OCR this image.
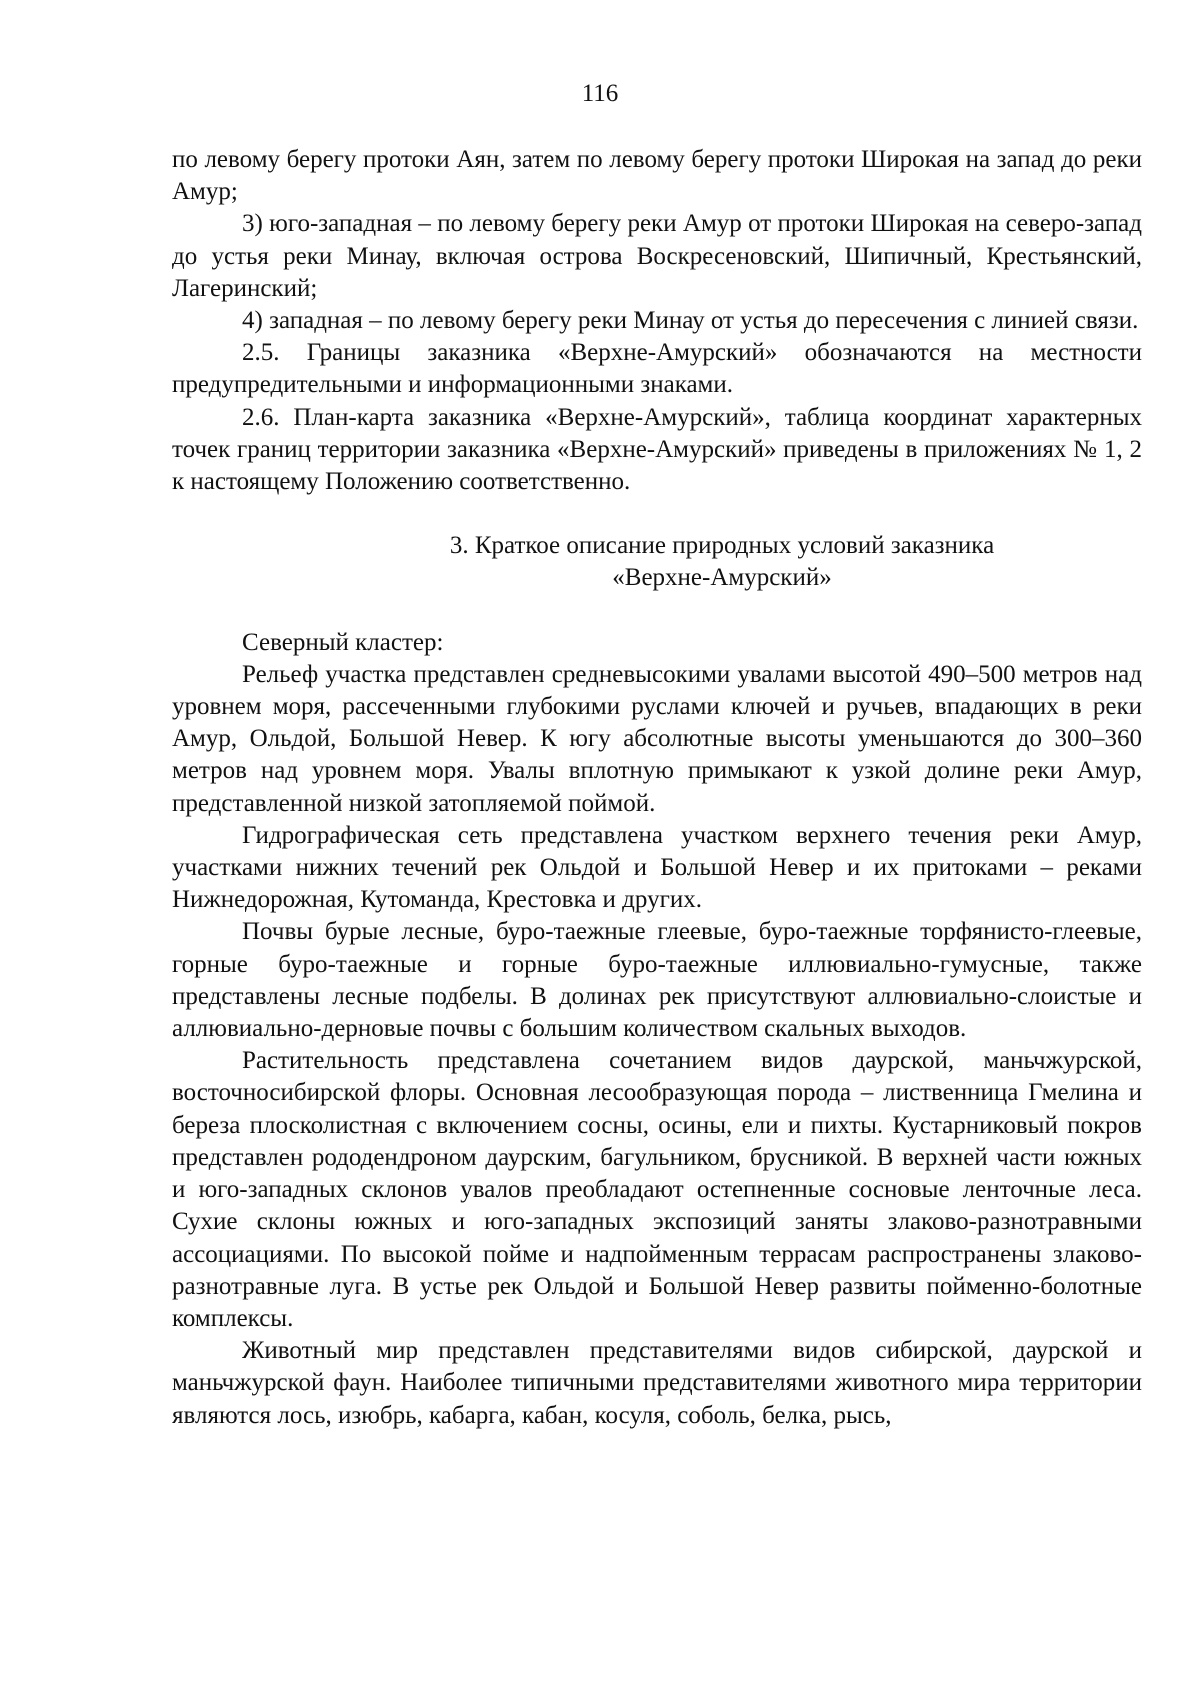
116

по левому берегу протоки Аян, затем по левому берегу протоки Широкая на запад до реки Амур;

3) юго-западная – по левому берегу реки Амур от протоки Широкая на северо-запад до устья реки Минау, включая острова Воскресеновский, Шипичный, Крестьянский, Лагеринский;

4) западная – по левому берегу реки Минау от устья до пересечения с линией связи.

2.5. Границы заказника «Верхне-Амурский» обозначаются на местности предупредительными и информационными знаками.

2.6. План-карта заказника «Верхне-Амурский», таблица координат характерных точек границ территории заказника «Верхне-Амурский» приведены в приложениях № 1, 2 к настоящему Положению соответственно.

3. Краткое описание природных условий заказника
«Верхне-Амурский»

Северный кластер:

Рельеф участка представлен средневысокими увалами высотой 490–500 метров над уровнем моря, рассеченными глубокими руслами ключей и ручьев, впадающих в реки Амур, Ольдой, Большой Невер. К югу абсолютные высоты уменьшаются до 300–360 метров над уровнем моря. Увалы вплотную примыкают к узкой долине реки Амур, представленной низкой затопляемой поймой.

Гидрографическая сеть представлена участком верхнего течения реки Амур, участками нижних течений рек Ольдой и Большой Невер и их притоками – реками Нижнедорожная, Кутоманда, Крестовка и других.

Почвы бурые лесные, буро-таежные глеевые, буро-таежные торфянисто-глеевые, горные буро-таежные и горные буро-таежные иллювиально-гумусные, также представлены лесные подбелы. В долинах рек присутствуют аллювиально-слоистые и аллювиально-дерновые почвы с большим количеством скальных выходов.

Растительность представлена сочетанием видов даурской, маньчжурской, восточносибирской флоры. Основная лесообразующая порода – лиственница Гмелина и береза плосколистная с включением сосны, осины, ели и пихты. Кустарниковый покров представлен рододендроном даурским, багульником, брусникой. В верхней части южных и юго-западных склонов увалов преобладают остепненные сосновые ленточные леса. Сухие склоны южных и юго-западных экспозиций заняты злаково-разнотравными ассоциациями. По высокой пойме и надпойменным террасам распространены злаково-разнотравные луга. В устье рек Ольдой и Большой Невер развиты пойменно-болотные комплексы.

Животный мир представлен представителями видов сибирской, даурской и маньчжурской фаун. Наиболее типичными представителями животного мира территории являются лось, изюбрь, кабарга, кабан, косуля, соболь, белка, рысь,
